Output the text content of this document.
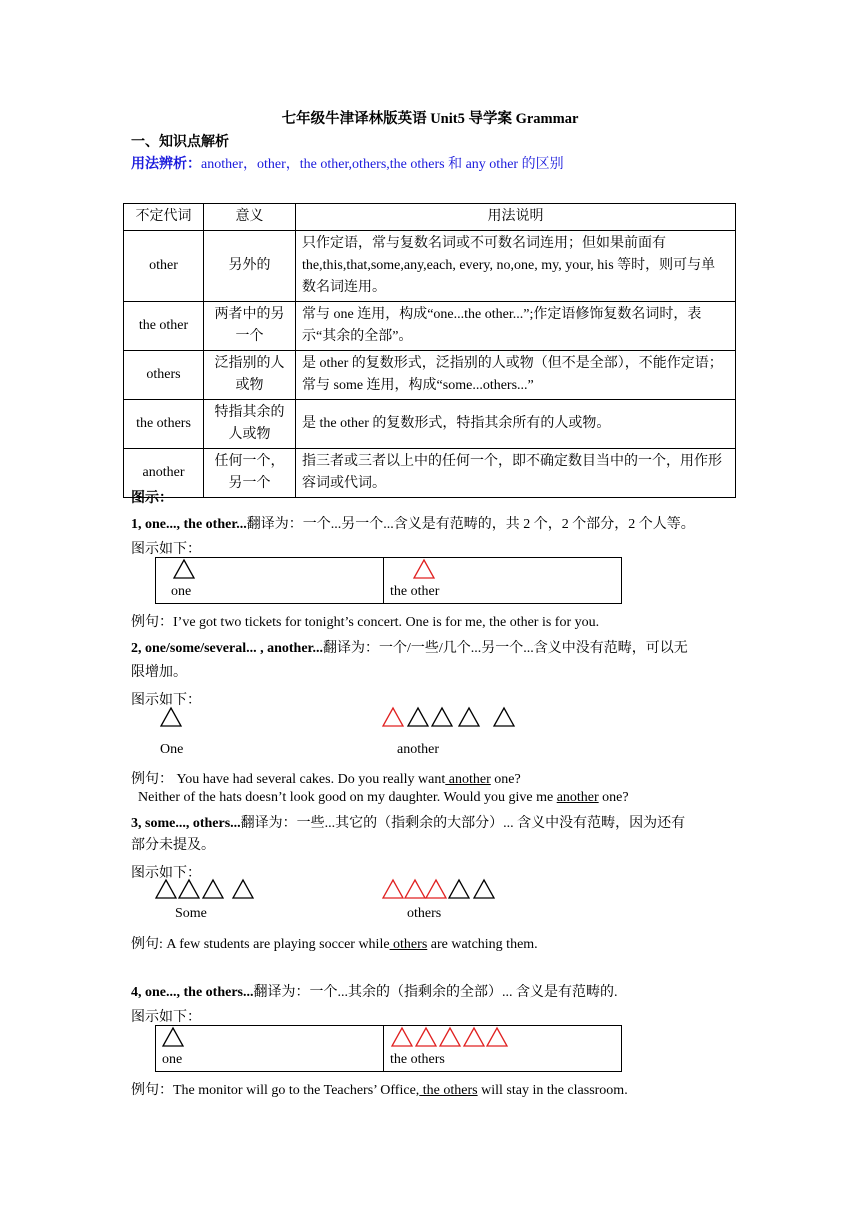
七年级牛津译林版英语 Unit5 导学案 Grammar
一、知识点解析
用法辨析：another，other，the other,others,the others 和 any other 的区别
不定代词	意义	用法说明
other	另外的	只作定语，常与复数名词或不可数名词连用；但如果前面有the,this,that,some,any,each, every, no,one, my, your, his 等时，则可与单数名词连用。
the other	两者中的另一个	常与 one 连用，构成“one...the other...”;作定语修饰复数名词时，表示“其余的全部”。
others	泛指别的人或物	是 other 的复数形式，泛指别的人或物（但不是全部），不能作定语；常与 some 连用，构成“some...others...”
the others	特指其余的人或物	是 the other 的复数形式，特指其余所有的人或物。
another	任何一个，另一个	指三者或三者以上中的任何一个，即不确定数目当中的一个，用作形容词或代词。
图示：
1, one..., the other...翻译为：一个...另一个...含义是有范畴的，共 2 个，2 个部分，2 个人等。
图示如下：
one	the other
例句：I’ve got two tickets for tonight’s concert. One is for me, the other is for you.
2, one/some/several... , another...翻译为：一个/一些/几个...另一个...含义中没有范畴，可以无
限增加。
图示如下：
One	another
例句： You have had several cakes. Do you really want another one?
Neither of the hats doesn’t look good on my daughter. Would you give me another one?
3, some..., others...翻译为：一些...其它的（指剩余的大部分）... 含义中没有范畴，因为还有
部分未提及。
图示如下：
Some	others
例句: A few students are playing soccer while others are watching them.
4, one..., the others...翻译为：一个...其余的（指剩余的全部）... 含义是有范畴的.
图示如下：
one	the others
例句：The monitor will go to the Teachers’ Office, the others will stay in the classroom.
